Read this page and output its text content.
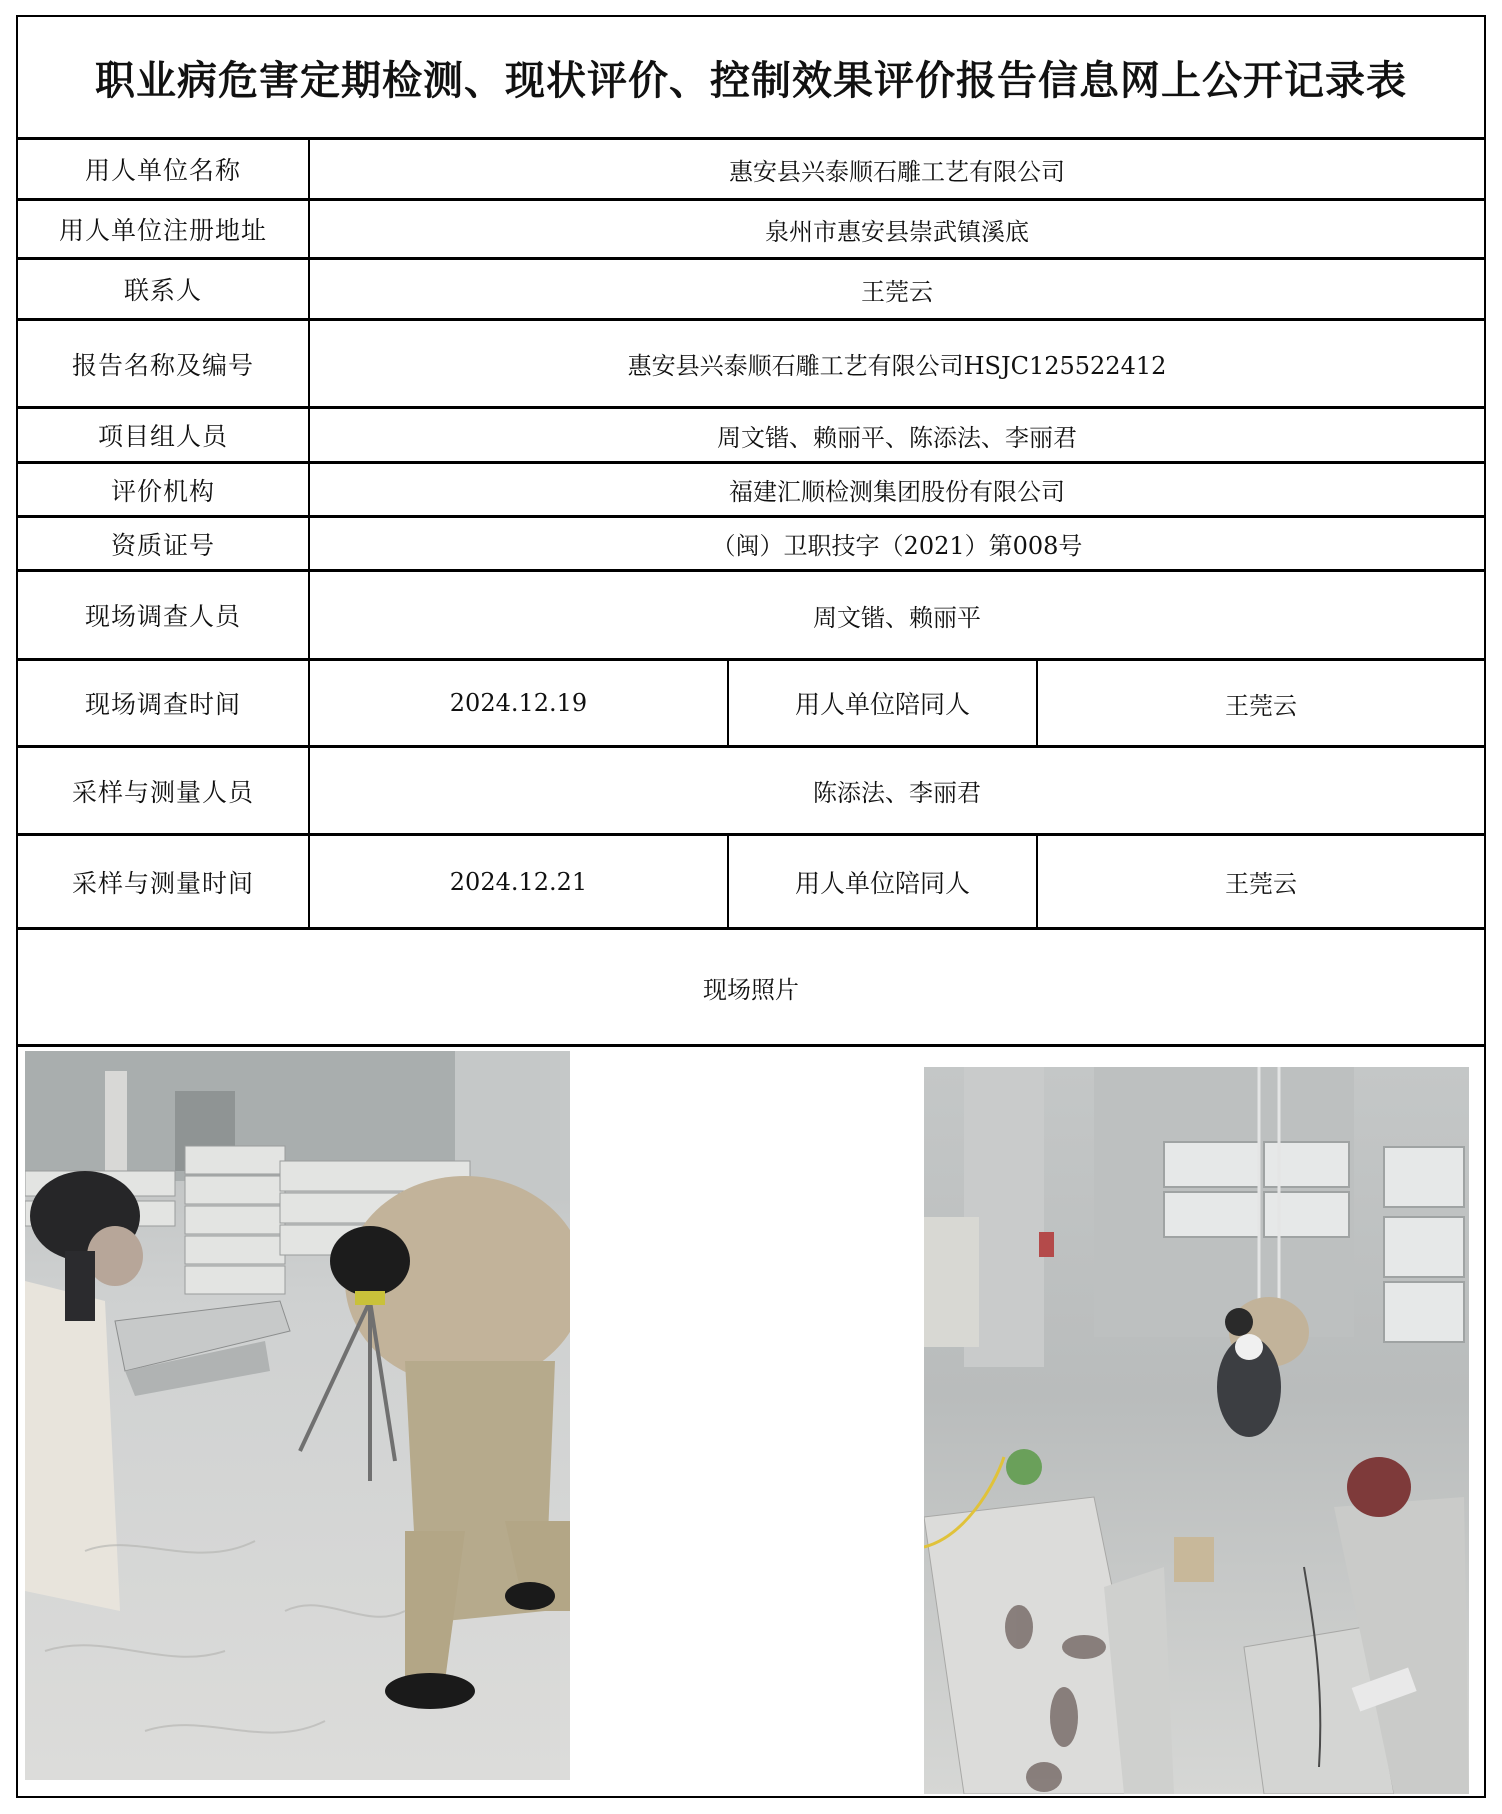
职业病危害定期检测、现状评价、控制效果评价报告信息网上公开记录表
用人单位名称	惠安县兴泰顺石雕工艺有限公司
用人单位注册地址	泉州市惠安县崇武镇溪底
联系人	王莞云
报告名称及编号	惠安县兴泰顺石雕工艺有限公司HSJC125522412
项目组人员	周文锴、赖丽平、陈添法、李丽君
评价机构	福建汇顺检测集团股份有限公司
资质证号	（闽）卫职技字（2021）第008号
现场调查人员	周文锴、赖丽平
现场调查时间	2024.12.19	用人单位陪同人	王莞云
采样与测量人员	陈添法、李丽君
采样与测量时间	2024.12.21	用人单位陪同人	王莞云
现场照片
